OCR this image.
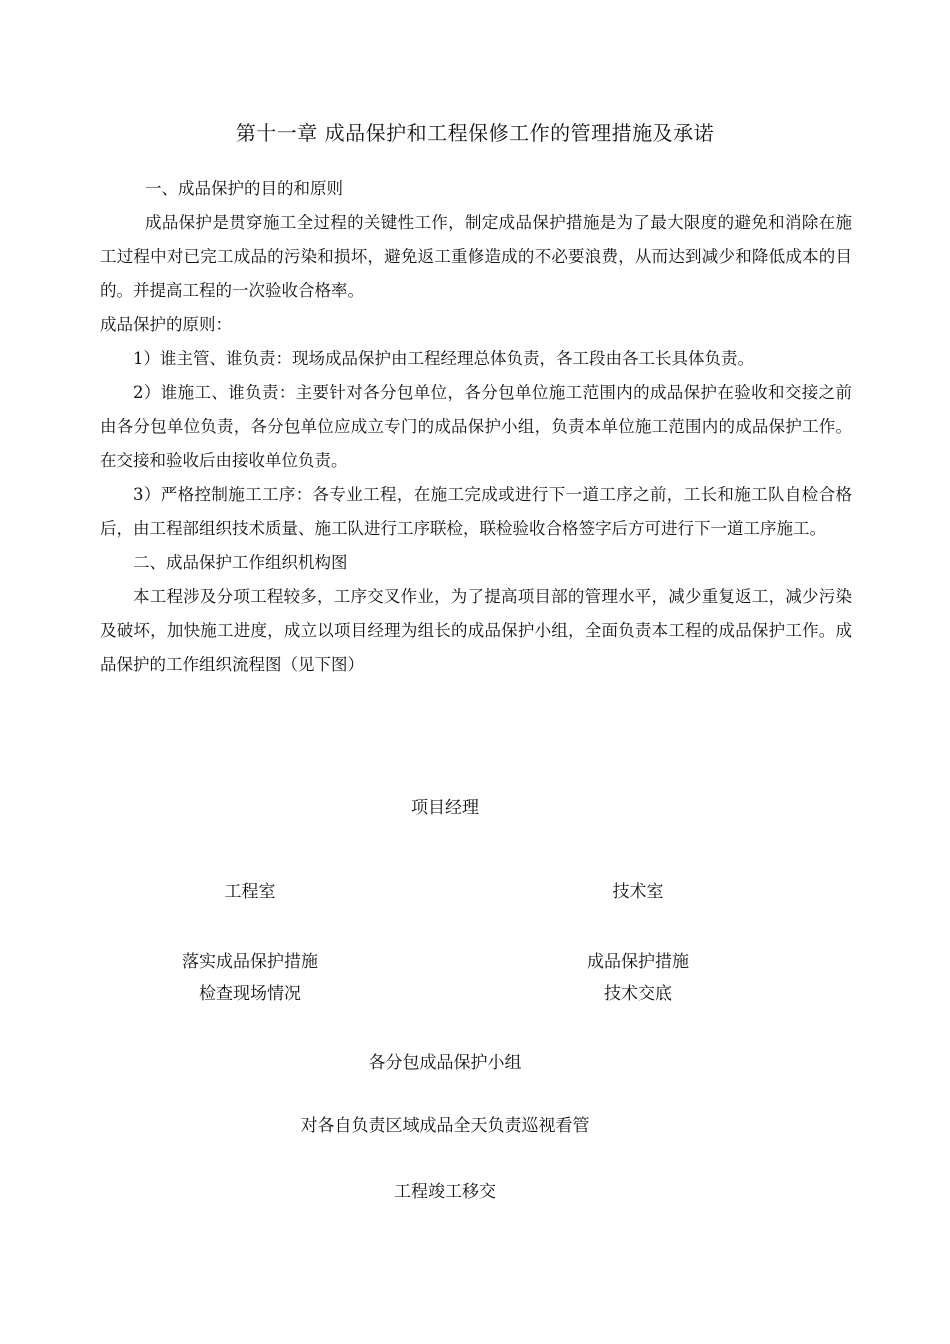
第十一章 成品保护和工程保修工作的管理措施及承诺

一、成品保护的目的和原则

成品保护是贯穿施工全过程的关键性工作，制定成品保护措施是为了最大限度的避免和消除在施工过程中对已完工成品的污染和损坏，避免返工重修造成的不必要浪费，从而达到减少和降低成本的目的。并提高工程的一次验收合格率。

成品保护的原则：

1）谁主管、谁负责：现场成品保护由工程经理总体负责，各工段由各工长具体负责。

2）谁施工、谁负责：主要针对各分包单位，各分包单位施工范围内的成品保护在验收和交接之前由各分包单位负责，各分包单位应成立专门的成品保护小组，负责本单位施工范围内的成品保护工作。在交接和验收后由接收单位负责。

3）严格控制施工工序：各专业工程，在施工完成或进行下一道工序之前，工长和施工队自检合格后，由工程部组织技术质量、施工队进行工序联检，联检验收合格签字后方可进行下一道工序施工。

二、成品保护工作组织机构图

本工程涉及分项工程较多，工序交叉作业，为了提高项目部的管理水平，减少重复返工，减少污染及破坏，加快施工进度，成立以项目经理为组长的成品保护小组，全面负责本工程的成品保护工作。成品保护的工作组织流程图（见下图）

项目经理
工程室	技术室
落实成品保护措施
检查现场情况
成品保护措施
技术交底
各分包成品保护小组
对各自负责区域成品全天负责巡视看管
工程竣工移交
